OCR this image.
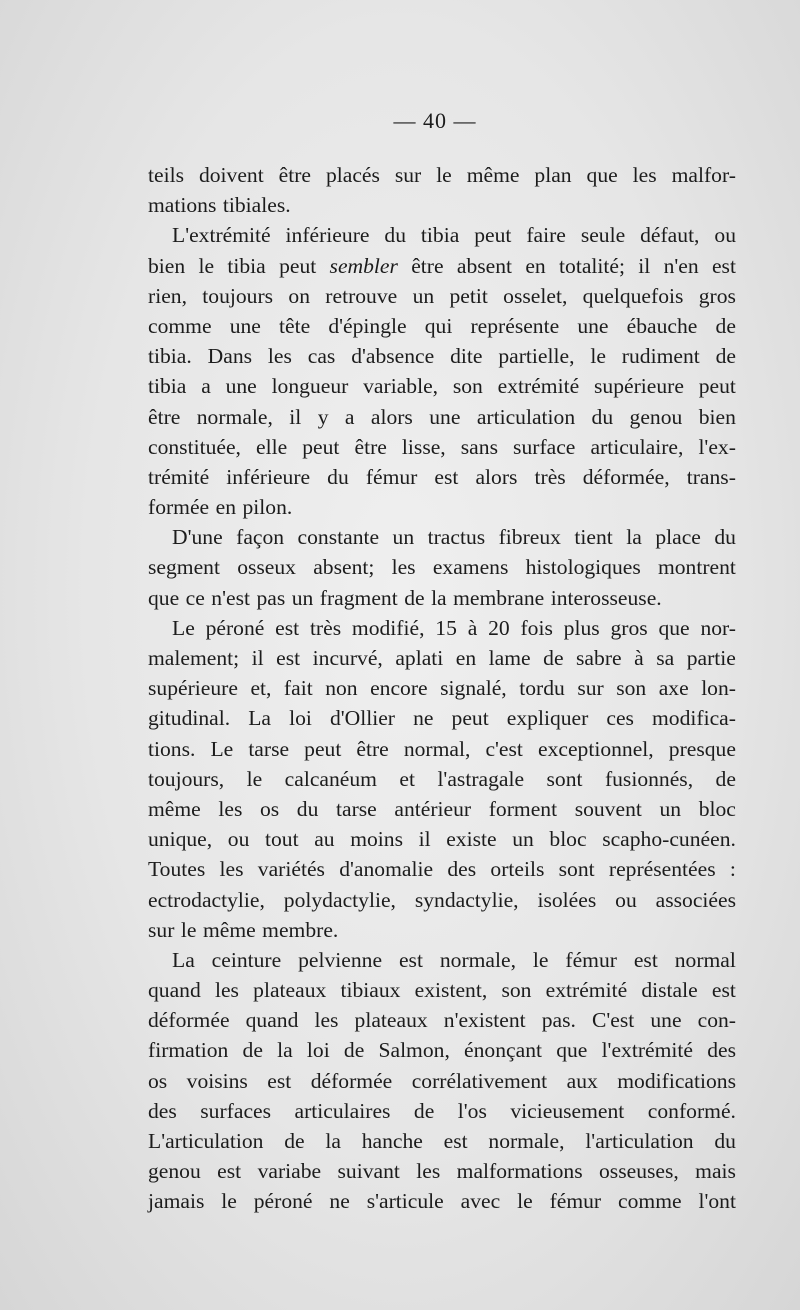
— 40 —
teils doivent être placés sur le même plan que les malfor-
mations tibiales.
L'extrémité inférieure du tibia peut faire seule défaut, ou
bien le tibia peut sembler être absent en totalité; il n'en est
rien, toujours on retrouve un petit osselet, quelquefois gros
comme une tête d'épingle qui représente une ébauche de
tibia. Dans les cas d'absence dite partielle, le rudiment de
tibia a une longueur variable, son extrémité supérieure peut
être normale, il y a alors une articulation du genou bien
constituée, elle peut être lisse, sans surface articulaire, l'ex-
trémité inférieure du fémur est alors très déformée, trans-
formée en pilon.
D'une façon constante un tractus fibreux tient la place du
segment osseux absent; les examens histologiques montrent
que ce n'est pas un fragment de la membrane interosseuse.
Le péroné est très modifié, 15 à 20 fois plus gros que nor-
malement; il est incurvé, aplati en lame de sabre à sa partie
supérieure et, fait non encore signalé, tordu sur son axe lon-
gitudinal. La loi d'Ollier ne peut expliquer ces modifica-
tions. Le tarse peut être normal, c'est exceptionnel, presque
toujours, le calcanéum et l'astragale sont fusionnés, de
même les os du tarse antérieur forment souvent un bloc
unique, ou tout au moins il existe un bloc scapho-cunéen.
Toutes les variétés d'anomalie des orteils sont représentées :
ectrodactylie, polydactylie, syndactylie, isolées ou associées
sur le même membre.
La ceinture pelvienne est normale, le fémur est normal
quand les plateaux tibiaux existent, son extrémité distale est
déformée quand les plateaux n'existent pas. C'est une con-
firmation de la loi de Salmon, énonçant que l'extrémité des
os voisins est déformée corrélativement aux modifications
des surfaces articulaires de l'os vicieusement conformé.
L'articulation de la hanche est normale, l'articulation du
genou est variabe suivant les malformations osseuses, mais
jamais le péroné ne s'articule avec le fémur comme l'ont
